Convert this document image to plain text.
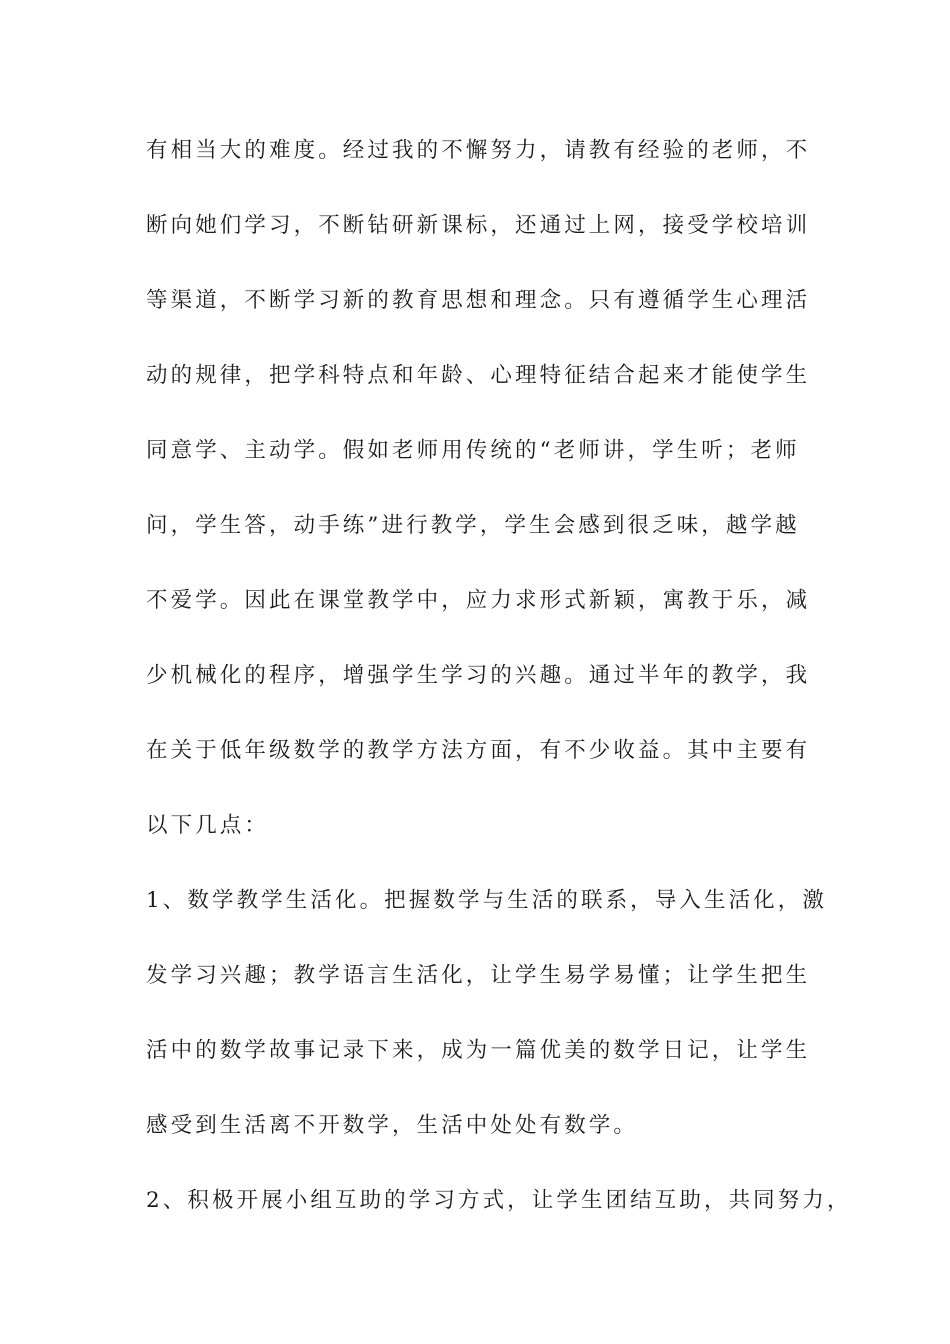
有相当大的难度。经过我的不懈努力，请教有经验的老师，不
断向她们学习，不断钻研新课标，还通过上网，接受学校培训
等渠道，不断学习新的教育思想和理念。只有遵循学生心理活
动的规律，把学科特点和年龄、心理特征结合起来才能使学生
同意学、主动学。假如老师用传统的“老师讲，学生听；老师
问，学生答，动手练”进行教学，学生会感到很乏味，越学越
不爱学。因此在课堂教学中，应力求形式新颖，寓教于乐，减
少机械化的程序，增强学生学习的兴趣。通过半年的教学，我
在关于低年级数学的教学方法方面，有不少收益。其中主要有
以下几点：
1、数学教学生活化。把握数学与生活的联系，导入生活化，激
发学习兴趣；教学语言生活化，让学生易学易懂；让学生把生
活中的数学故事记录下来，成为一篇优美的数学日记，让学生
感受到生活离不开数学，生活中处处有数学。
2、积极开展小组互助的学习方式，让学生团结互助，共同努力，
